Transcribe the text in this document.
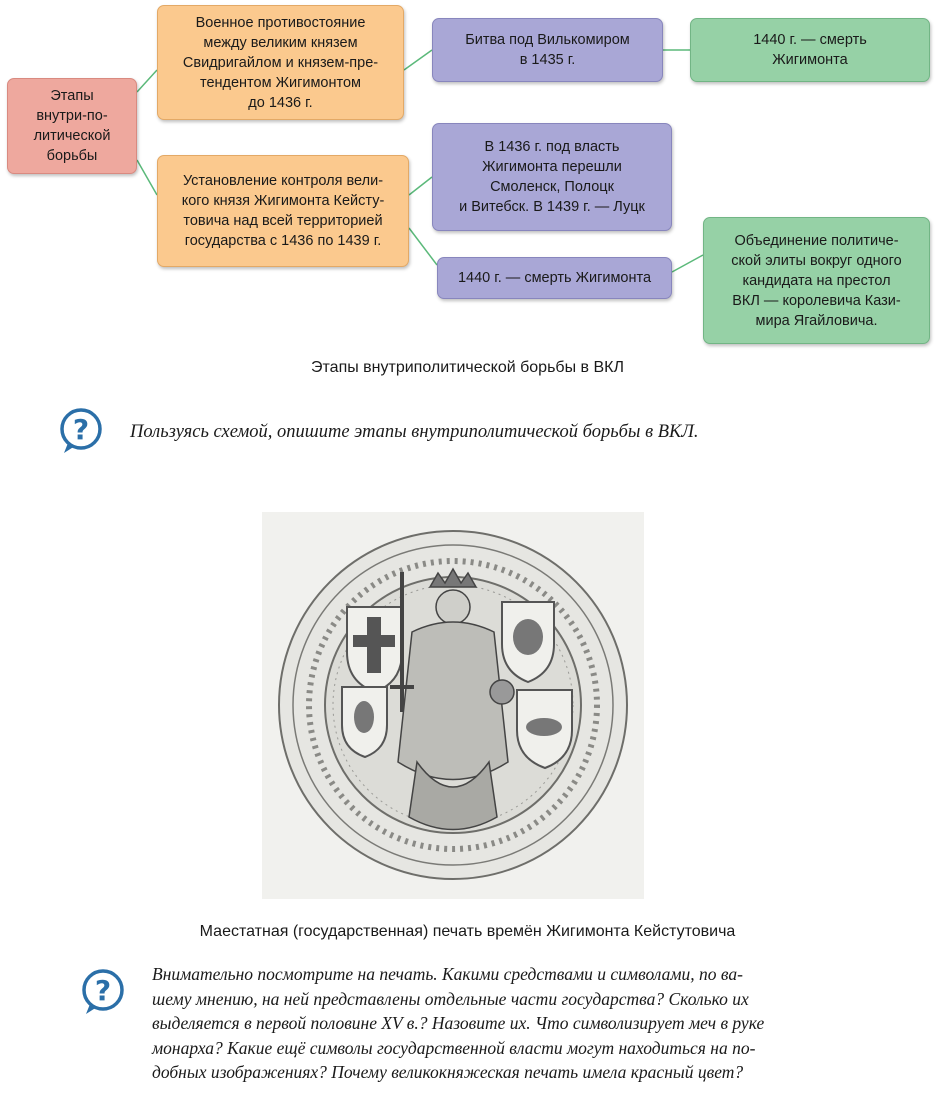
Этапы
внутри-по-
литической
борьбы
Военное противостояние
между великим князем
Свидригайлом и князем-пре-
тендентом Жигимонтом
до 1436 г.
Установление контроля вели-
кого князя Жигимонта Кейсту-
товича над всей территорией
государства с 1436 по 1439 г.
Битва под Вилькомиром
в 1435 г.
1440 г. — смерть
Жигимонта
В 1436 г. под власть
Жигимонта перешли
Смоленск, Полоцк
и Витебск. В 1439 г. — Луцк
1440 г. — смерть Жигимонта
Объединение политиче-
ской элиты вокруг одного
кандидата на престол
ВКЛ — королевича Кази-
мира Ягайловича.
Этапы внутриполитической борьбы в ВКЛ
? Пользуясь схемой, опишите этапы внутриполитической борьбы в ВКЛ.
Маестатная (государственная) печать времён Жигимонта Кейстутовича
? Внимательно посмотрите на печать. Какими средствами и символами, по ва-
шему мнению, на ней представлены отдельные части государства? Сколько их
выделяется в первой половине XV в.? Назовите их. Что символизирует меч в руке
монарха? Какие ещё символы государственной власти могут находиться на по-
добных изображениях? Почему великокняжеская печать имела красный цвет?
